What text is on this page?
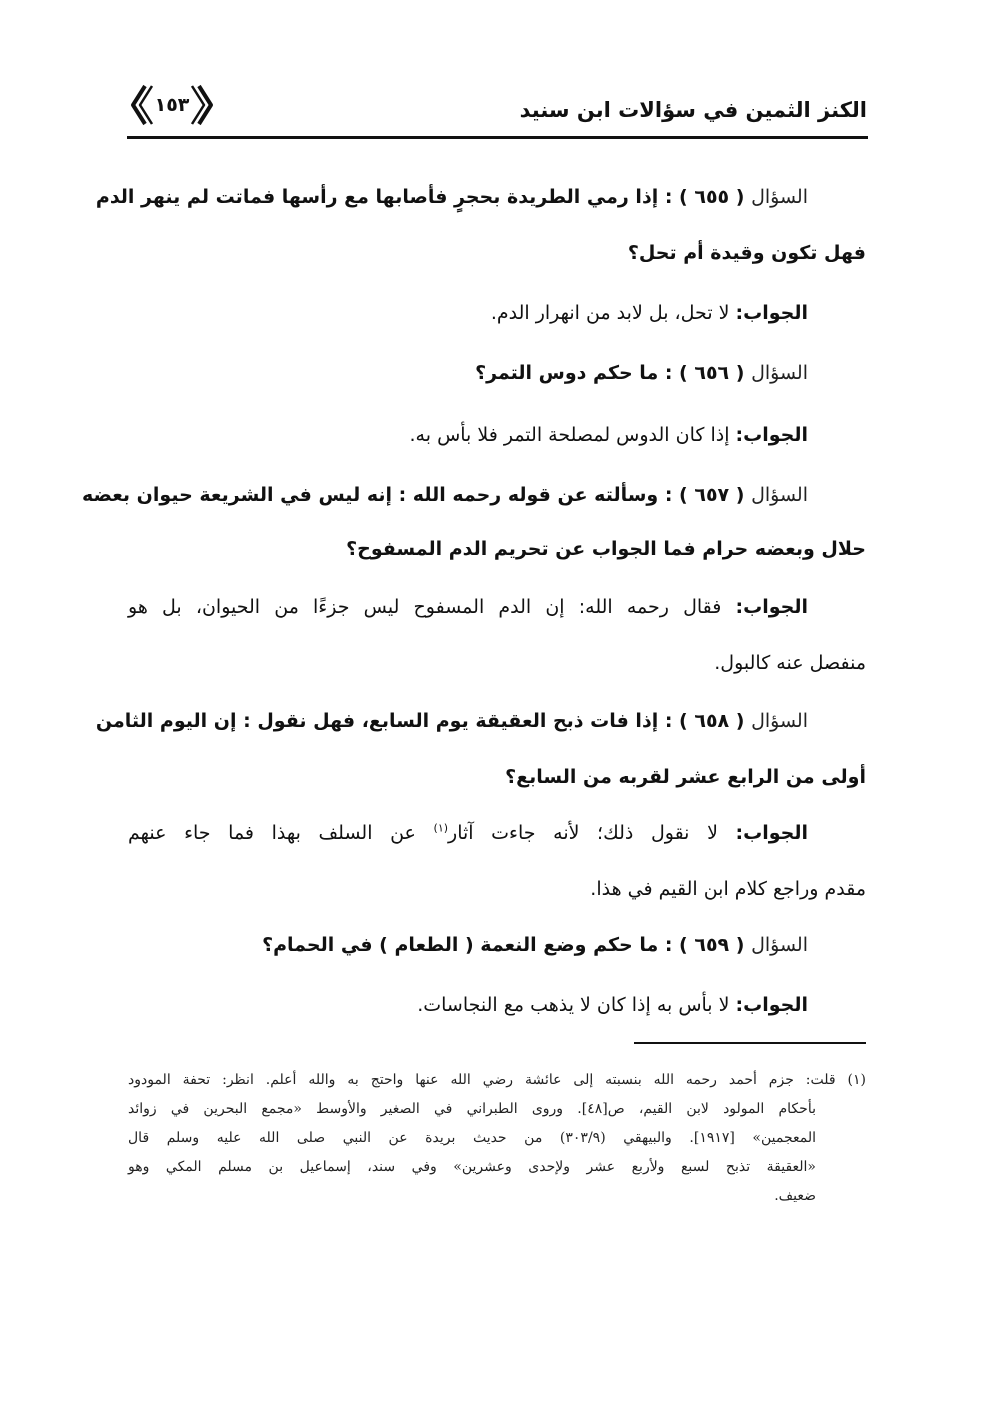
الكنز الثمين في سؤالات ابن سنيد
١٥٣
السؤال ( ٦٥٥ ) : إذا رمي الطريدة بحجرٍ فأصابها مع رأسها فماتت لم ينهر الدم
فهل تكون وقيدة أم تحل؟
الجواب: لا تحل، بل لابد من انهرار الدم.
السؤال ( ٦٥٦ ) : ما حكم دوس التمر؟
الجواب: إذا كان الدوس لمصلحة التمر فلا بأس به.
السؤال ( ٦٥٧ ) : وسألته عن قوله رحمه الله : إنه ليس في الشريعة حيوان بعضه
حلال وبعضه حرام فما الجواب عن تحريم الدم المسفوح؟
الجواب: فقال رحمه الله: إن الدم المسفوح ليس جزءًا من الحيوان، بل هو
منفصل عنه كالبول.
السؤال ( ٦٥٨ ) : إذا فات ذبح العقيقة يوم السابع، فهل نقول : إن اليوم الثامن
أولى من الرابع عشر لقربه من السابع؟
الجواب: لا نقول ذلك؛ لأنه جاءت آثار$^{(١)}$ عن السلف بهذا فما جاء عنهم
مقدم وراجع كلام ابن القيم في هذا.
السؤال ( ٦٥٩ ) : ما حكم وضع النعمة ( الطعام ) في الحمام؟
الجواب: لا بأس به إذا كان لا يذهب مع النجاسات.
(١) قلت: جزم أحمد رحمه الله بنسبته إلى عائشة رضي الله عنها واحتج به والله أعلم. انظر: تحفة المودود
بأحكام المولود لابن القيم، ص[٤٨]. وروى الطبراني في الصغير والأوسط «مجمع البحرين في زوائد
المعجمين» [١٩١٧]. والبيهقي (٣٠٣/٩) من حديث بريدة عن النبي صلى الله عليه وسلم قال
«العقيقة تذبح لسبع ولأربع عشر ولإحدى وعشرين» وفي سند، إسماعيل بن مسلم المكي وهو
ضعيف.
